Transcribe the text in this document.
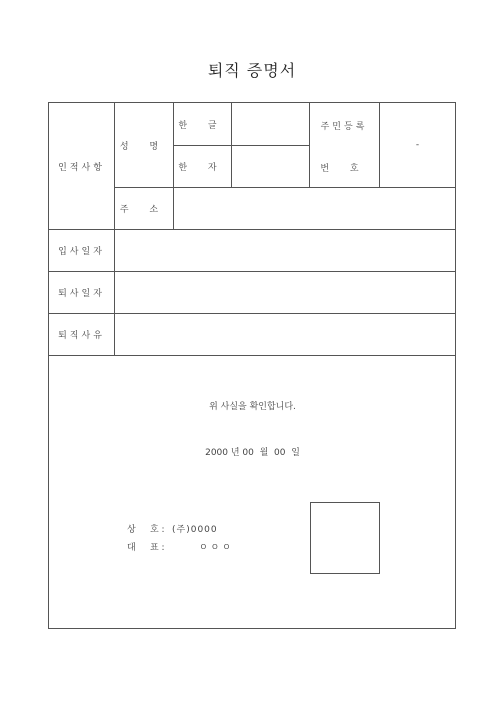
퇴직 증명서
인적사항
성 명
한 글
한 자
주민등록
번 호
-
주 소
입사일자
퇴사일자
퇴직사유
위 사실을 확인합니다.
2000 년 00  월  00  일
상     호 : (주)0000
대     표 :	ㅇ ㅇ ㅇ
